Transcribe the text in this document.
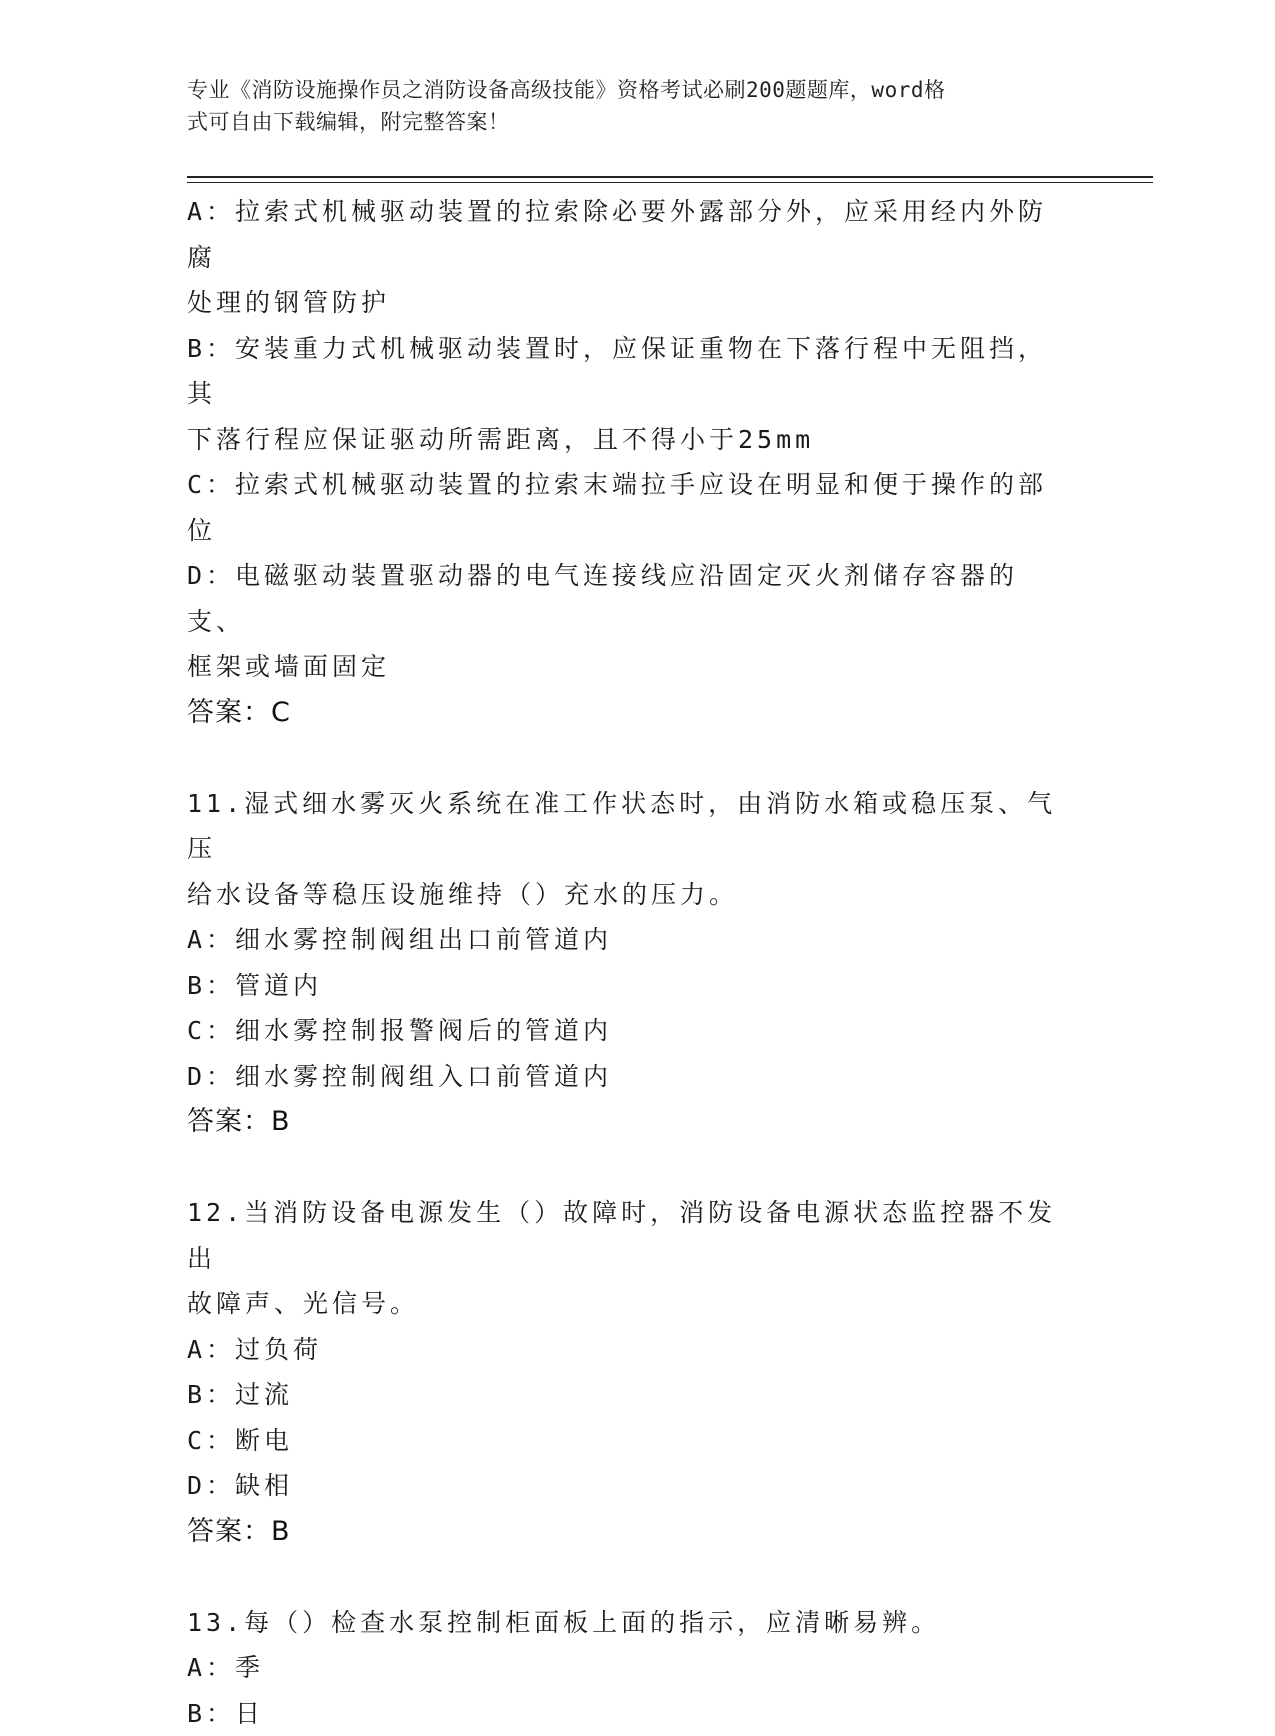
专业《消防设施操作员之消防设备高级技能》资格考试必刷200题题库，word格
式可自由下载编辑，附完整答案！
A：拉索式机械驱动装置的拉索除必要外露部分外，应采用经内外防腐
处理的钢管防护
B：安装重力式机械驱动装置时，应保证重物在下落行程中无阻挡，其
下落行程应保证驱动所需距离，且不得小于25mm
C：拉索式机械驱动装置的拉索末端拉手应设在明显和便于操作的部位
D：电磁驱动装置驱动器的电气连接线应沿固定灭火剂储存容器的支、
框架或墙面固定
答案：C
11.湿式细水雾灭火系统在准工作状态时，由消防水箱或稳压泵、气压
给水设备等稳压设施维持（）充水的压力。
A：细水雾控制阀组出口前管道内
B：管道内
C：细水雾控制报警阀后的管道内
D：细水雾控制阀组入口前管道内
答案：B
12.当消防设备电源发生（）故障时，消防设备电源状态监控器不发出
故障声、光信号。
A：过负荷
B：过流
C：断电
D：缺相
答案：B
13.每（）检查水泵控制柜面板上面的指示，应清晰易辨。
A：季
B：日
